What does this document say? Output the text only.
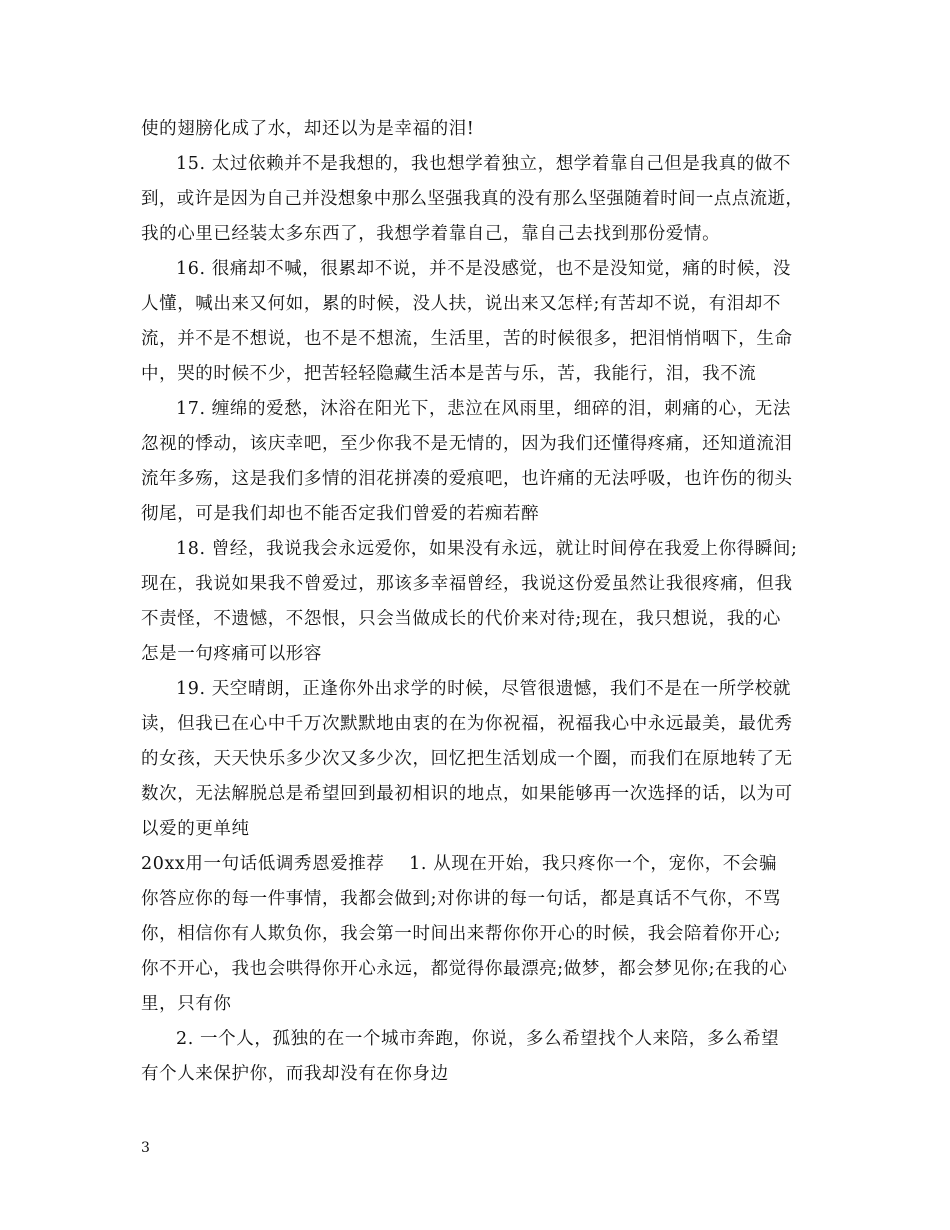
使的翅膀化成了水，却还以为是幸福的泪!
15. 太过依赖并不是我想的，我也想学着独立，想学着靠自己但是我真的做不
到，或许是因为自己并没想象中那么坚强我真的没有那么坚强随着时间一点点流逝，
我的心里已经装太多东西了，我想学着靠自己，靠自己去找到那份爱情。
16. 很痛却不喊，很累却不说，并不是没感觉，也不是没知觉，痛的时候，没
人懂，喊出来又何如，累的时候，没人扶，说出来又怎样;有苦却不说，有泪却不
流，并不是不想说，也不是不想流，生活里，苦的时候很多，把泪悄悄咽下，生命
中，哭的时候不少，把苦轻轻隐藏生活本是苦与乐，苦，我能行，泪，我不流
17. 缠绵的爱愁，沐浴在阳光下，悲泣在风雨里，细碎的泪，刺痛的心，无法
忽视的悸动，该庆幸吧，至少你我不是无情的，因为我们还懂得疼痛，还知道流泪
流年多殇，这是我们多情的泪花拼凑的爱痕吧，也许痛的无法呼吸，也许伤的彻头
彻尾，可是我们却也不能否定我们曾爱的若痴若醉
18. 曾经，我说我会永远爱你，如果没有永远，就让时间停在我爱上你得瞬间;
现在，我说如果我不曾爱过，那该多幸福曾经，我说这份爱虽然让我很疼痛，但我
不责怪，不遗憾，不怨恨，只会当做成长的代价来对待;现在，我只想说，我的心
怎是一句疼痛可以形容
19. 天空晴朗，正逢你外出求学的时候，尽管很遗憾，我们不是在一所学校就
读，但我已在心中千万次默默地由衷的在为你祝福，祝福我心中永远最美，最优秀
的女孩，天天快乐多少次又多少次，回忆把生活划成一个圈，而我们在原地转了无
数次，无法解脱总是希望回到最初相识的地点，如果能够再一次选择的话，以为可
以爱的更单纯
20xx用一句话低调秀恩爱推荐    1. 从现在开始，我只疼你一个，宠你，不会骗
你答应你的每一件事情，我都会做到;对你讲的每一句话，都是真话不气你，不骂
你，相信你有人欺负你，我会第一时间出来帮你你开心的时候，我会陪着你开心;
你不开心，我也会哄得你开心永远，都觉得你最漂亮;做梦，都会梦见你;在我的心
里，只有你
2. 一个人，孤独的在一个城市奔跑，你说，多么希望找个人来陪，多么希望
有个人来保护你，而我却没有在你身边
3
